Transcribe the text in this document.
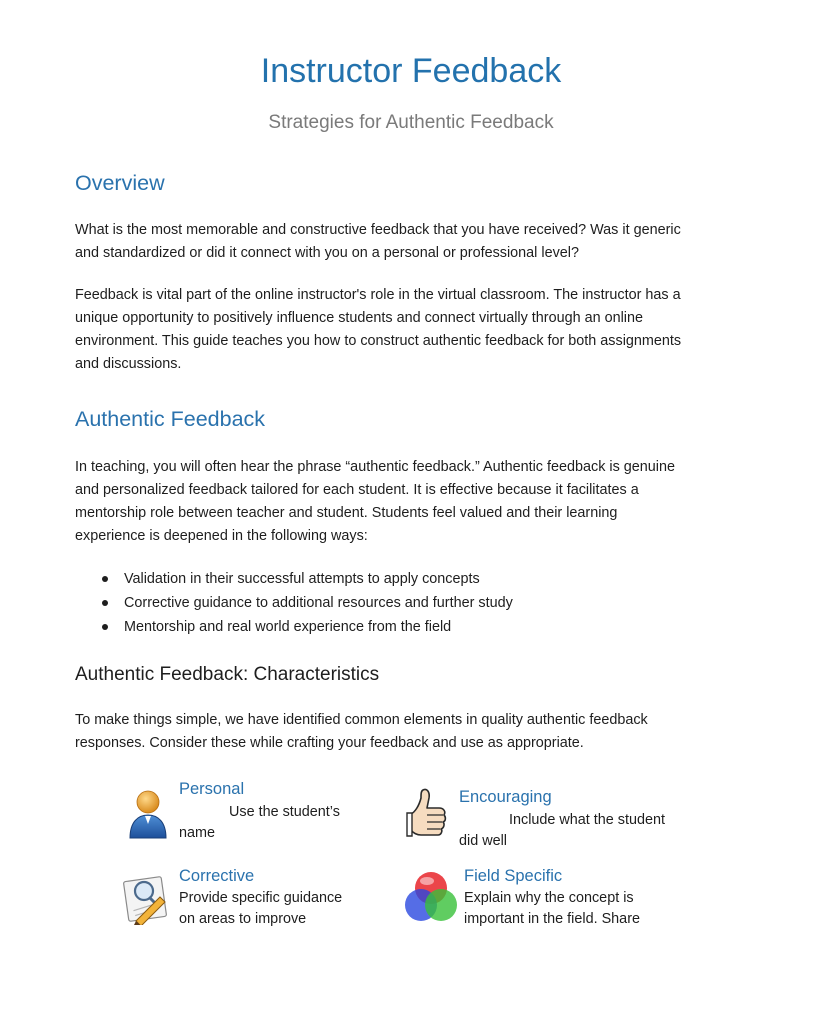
Instructor Feedback
Strategies for Authentic Feedback
Overview
What is the most memorable and constructive feedback that you have received? Was it generic
and standardized or did it connect with you on a personal or professional level?
Feedback is vital part of the online instructor's role in the virtual classroom. The instructor has a
unique opportunity to positively influence students and connect virtually through an online
environment. This guide teaches you how to construct authentic feedback for both assignments
and discussions.
Authentic Feedback
In teaching, you will often hear the phrase “authentic feedback.” Authentic feedback is genuine
and personalized feedback tailored for each student. It is effective because it facilitates a
mentorship role between teacher and student. Students feel valued and their learning
experience is deepened in the following ways:
Validation in their successful attempts to apply concepts
Corrective guidance to additional resources and further study
Mentorship and real world experience from the field
Authentic Feedback: Characteristics
To make things simple, we have identified common elements in quality authentic feedback
responses. Consider these while crafting your feedback and use as appropriate.
Personal
Use the student’s
name
Encouraging
Include what the student
did well
Corrective
Provide specific guidance
on areas to improve
Field Specific
Explain why the concept is
important in the field. Share
